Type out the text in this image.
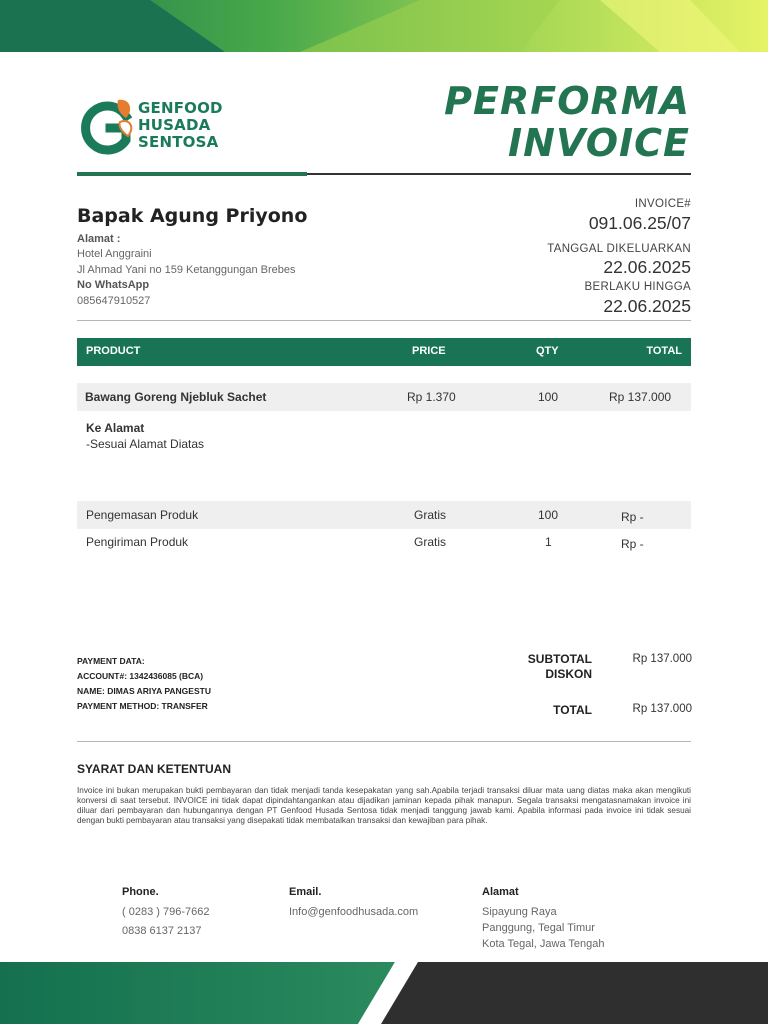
GENFOOD
HUSADA
SENTOSA
PERFORMA
INVOICE
Bapak Agung Priyono
Alamat :
Hotel Anggraini
Jl Ahmad Yani no 159 Ketanggungan Brebes
No WhatsApp
085647910527
INVOICE#
091.06.25/07
TANGGAL DIKELUARKAN
22.06.2025
BERLAKU HINGGA
22.06.2025
PRODUCT	PRICE	QTY	TOTAL
Bawang Goreng Njebluk Sachet	Rp 1.370	100	Rp 137.000
Ke Alamat
-Sesuai Alamat Diatas
Pengemasan Produk	Gratis	100	Rp -
Pengiriman Produk	Gratis	1	Rp -
PAYMENT DATA:
ACCOUNT#: 1342436085 (BCA)
NAME: DIMAS ARIYA PANGESTU
PAYMENT METHOD: TRANSFER
SUBTOTAL	Rp 137.000
DISKON
TOTAL	Rp 137.000
SYARAT DAN KETENTUAN
Invoice ini bukan merupakan bukti pembayaran dan tidak menjadi tanda kesepakatan yang sah.Apabila terjadi transaksi diluar mata uang diatas maka akan mengikuti konversi di saat tersebut. INVOICE ini tidak dapat dipindahtangankan atau dijadikan jaminan kepada pihak manapun. Segala transaksi mengatasnamakan invoice ini diluar dari pembayaran dan hubungannya dengan PT Genfood Husada Sentosa tidak menjadi tanggung jawab kami. Apabila informasi pada invoice ini tidak sesuai dengan bukti pembayaran atau transaksi yang disepakati tidak membatalkan transaksi dan kewajiban para pihak.
Phone.
( 0283 ) 796-7662
0838 6137 2137
Email.
Info@genfoodhusada.com
Alamat
Sipayung Raya
Panggung, Tegal Timur
Kota Tegal, Jawa Tengah
